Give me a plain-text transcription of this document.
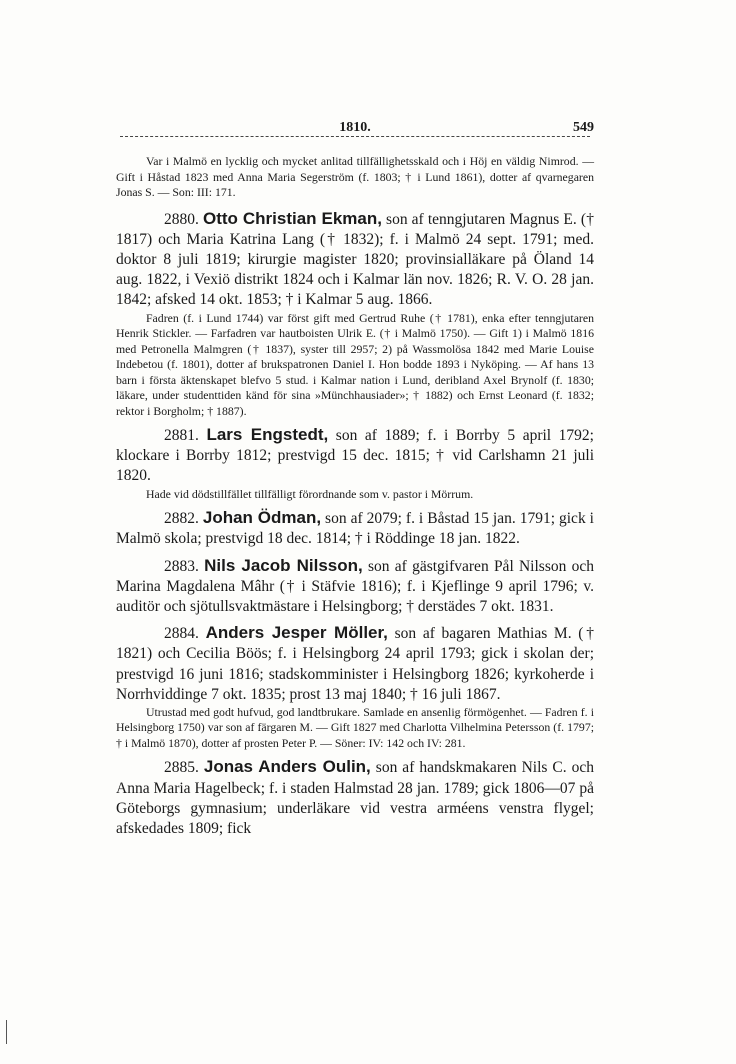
1810.	549

Var i Malmö en lycklig och mycket anlitad tillfällighetsskald och i Höj en väldig Nimrod. — Gift i Håstad 1823 med Anna Maria Segerström (f. 1803; † i Lund 1861), dotter af qvarnegaren Jonas S. — Son: III: 171.

2880. Otto Christian Ekman, son af tenngjutaren Magnus E. († 1817) och Maria Katrina Lang († 1832); f. i Malmö 24 sept. 1791; med. doktor 8 juli 1819; kirurgie magister 1820; provinsialläkare på Öland 14 aug. 1822, i Vexiö distrikt 1824 och i Kalmar län nov. 1826; R. V. O. 28 jan. 1842; afsked 14 okt. 1853; † i Kalmar 5 aug. 1866.

Fadren (f. i Lund 1744) var först gift med Gertrud Ruhe († 1781), enka efter tenngjutaren Henrik Stickler. — Farfadren var hautboisten Ulrik E. († i Malmö 1750). — Gift 1) i Malmö 1816 med Petronella Malmgren († 1837), syster till 2957; 2) på Wassmolösa 1842 med Marie Louise Indebetou (f. 1801), dotter af brukspatronen Daniel I. Hon bodde 1893 i Nyköping. — Af hans 13 barn i första äktenskapet blefvo 5 stud. i Kalmar nation i Lund, deribland Axel Brynolf (f. 1830; läkare, under studenttiden känd för sina »Münchhausiader»; † 1882) och Ernst Leonard (f. 1832; rektor i Borgholm; † 1887).

2881. Lars Engstedt, son af 1889; f. i Borrby 5 april 1792; klockare i Borrby 1812; prestvigd 15 dec. 1815; † vid Carlshamn 21 juli 1820.

Hade vid dödstillfället tillfälligt förordnande som v. pastor i Mörrum.

2882. Johan Ödman, son af 2079; f. i Båstad 15 jan. 1791; gick i Malmö skola; prestvigd 18 dec. 1814; † i Röddinge 18 jan. 1822.

2883. Nils Jacob Nilsson, son af gästgifvaren Pål Nilsson och Marina Magdalena Mâhr († i Stäfvie 1816); f. i Kjeflinge 9 april 1796; v. auditör och sjötullsvaktmästare i Helsingborg; † derstädes 7 okt. 1831.

2884. Anders Jesper Möller, son af bagaren Mathias M. († 1821) och Cecilia Böös; f. i Helsingborg 24 april 1793; gick i skolan der; prestvigd 16 juni 1816; stadskomminister i Helsingborg 1826; kyrkoherde i Norrhviddinge 7 okt. 1835; prost 13 maj 1840; † 16 juli 1867.

Utrustad med godt hufvud, god landtbrukare. Samlade en ansenlig förmögenhet. — Fadren f. i Helsingborg 1750) var son af färgaren M. — Gift 1827 med Charlotta Vilhelmina Petersson (f. 1797; † i Malmö 1870), dotter af prosten Peter P. — Söner: IV: 142 och IV: 281.

2885. Jonas Anders Oulin, son af handskmakaren Nils C. och Anna Maria Hagelbeck; f. i staden Halmstad 28 jan. 1789; gick 1806—07 på Göteborgs gymnasium; underläkare vid vestra arméens venstra flygel; afskedades 1809; fick
